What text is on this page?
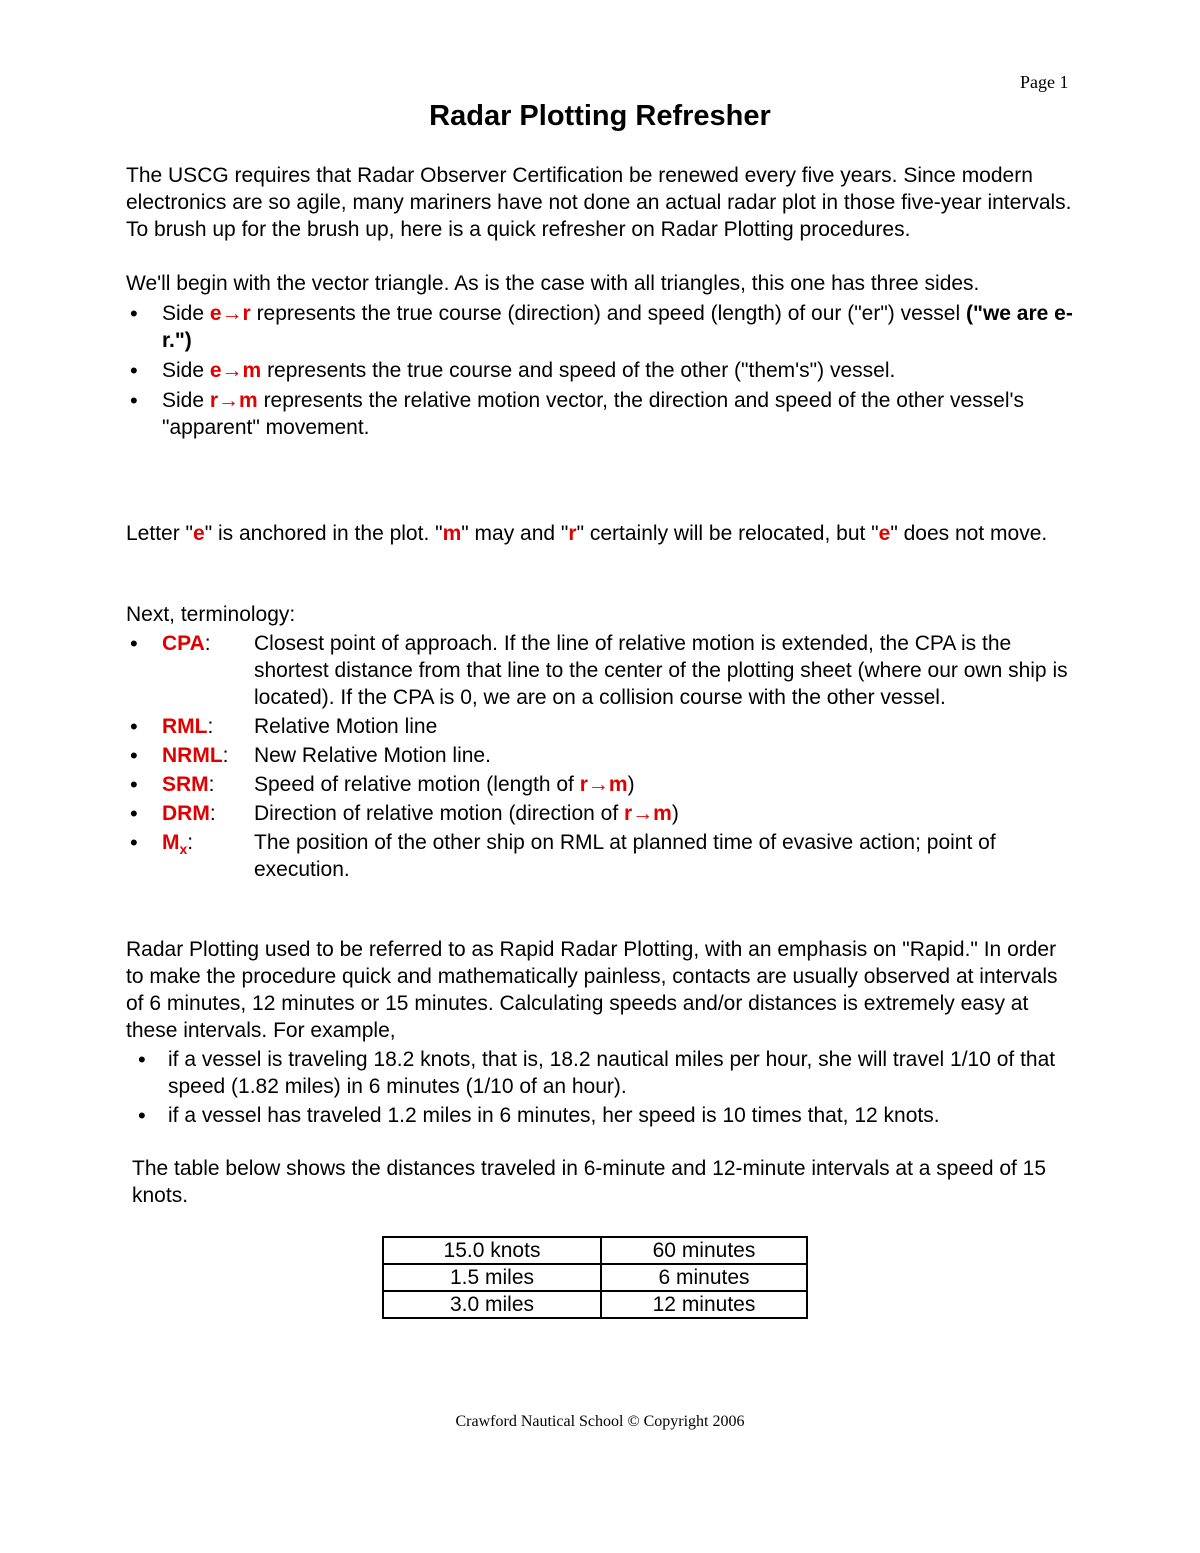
Page 1
Radar Plotting Refresher

The USCG requires that Radar Observer Certification be renewed every five years. Since modern electronics are so agile, many mariners have not done an actual radar plot in those five-year intervals. To brush up for the brush up, here is a quick refresher on Radar Plotting procedures.

We'll begin with the vector triangle. As is the case with all triangles, this one has three sides.

• Side e→r represents the true course (direction) and speed (length) of our ("er") vessel ("we are e-r.")
• Side e→m represents the true course and speed of the other ("them's") vessel.
• Side r→m represents the relative motion vector, the direction and speed of the other vessel's "apparent" movement.

Letter "e" is anchored in the plot. "m" may and "r" certainly will be relocated, but "e" does not move.

Next, terminology:

• CPA:	Closest point of approach. If the line of relative motion is extended, the CPA is the shortest distance from that line to the center of the plotting sheet (where our own ship is located). If the CPA is 0, we are on a collision course with the other vessel.
• RML:	Relative Motion line
• NRML:	New Relative Motion line.
• SRM:	Speed of relative motion (length of r→m)
• DRM:	Direction of relative motion (direction of r→m)
• $M_x$:	The position of the other ship on RML at planned time of evasive action; point of execution.

Radar Plotting used to be referred to as Rapid Radar Plotting, with an emphasis on "Rapid." In order to make the procedure quick and mathematically painless, contacts are usually observed at intervals of 6 minutes, 12 minutes or 15 minutes. Calculating speeds and/or distances is extremely easy at these intervals. For example,

• if a vessel is traveling 18.2 knots, that is, 18.2 nautical miles per hour, she will travel 1/10 of that speed (1.82 miles) in 6 minutes (1/10 of an hour).
• if a vessel has traveled 1.2 miles in 6 minutes, her speed is 10 times that, 12 knots.

The table below shows the distances traveled in 6-minute and 12-minute intervals at a speed of 15 knots.

15.0 knots	60 minutes
1.5 miles	6 minutes
3.0 miles	12 minutes
Crawford Nautical School © Copyright 2006
